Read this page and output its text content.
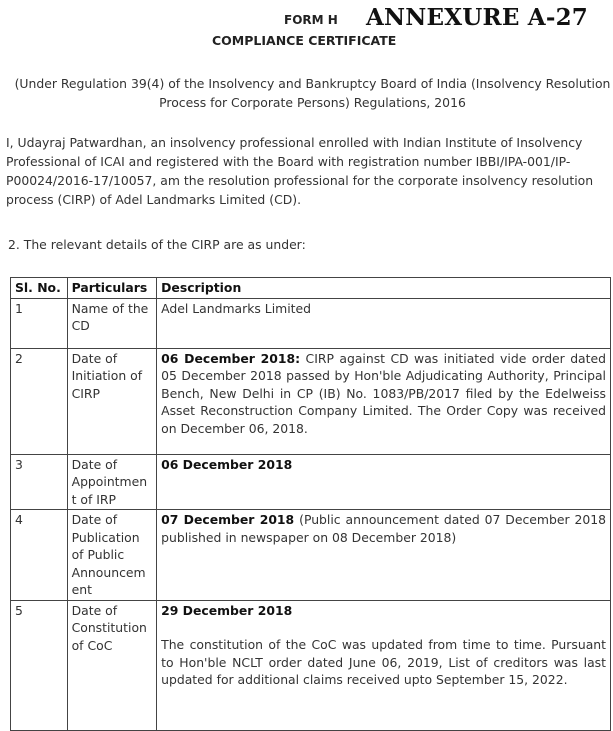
ANNEXURE A-27
FORM H
COMPLIANCE CERTIFICATE
(Under Regulation 39(4) of the Insolvency and Bankruptcy Board of India (Insolvency Resolution Process for Corporate Persons) Regulations, 2016
I, Udayraj Patwardhan, an insolvency professional enrolled with Indian Institute of Insolvency
Professional of ICAI and registered with the Board with registration number IBBI/IPA-001/IP-
P00024/2016-17/10057, am the resolution professional for the corporate insolvency resolution
process (CIRP) of Adel Landmarks Limited (CD).
2. The relevant details of the CIRP are as under:
Sl. No.	Particulars	Description
1	Name of the CD	Adel Landmarks Limited
2	Date of Initiation of CIRP	06 December 2018: CIRP against CD was initiated vide order dated 05 December 2018 passed by Hon'ble Adjudicating Authority, Principal Bench, New Delhi in CP (IB) No. 1083/PB/2017 filed by the Edelweiss Asset Reconstruction Company Limited. The Order Copy was received on December 06, 2018.
3	Date of Appointmen t of IRP	06 December 2018
4	Date of Publication of Public Announcem ent	07 December 2018 (Public announcement dated 07 December 2018 published in newspaper on 08 December 2018)
5	Date of Constitution of CoC	29 December 2018
The constitution of the CoC was updated from time to time. Pursuant to Hon'ble NCLT order dated June 06, 2019, List of creditors was last updated for additional claims received upto September 15, 2022.
